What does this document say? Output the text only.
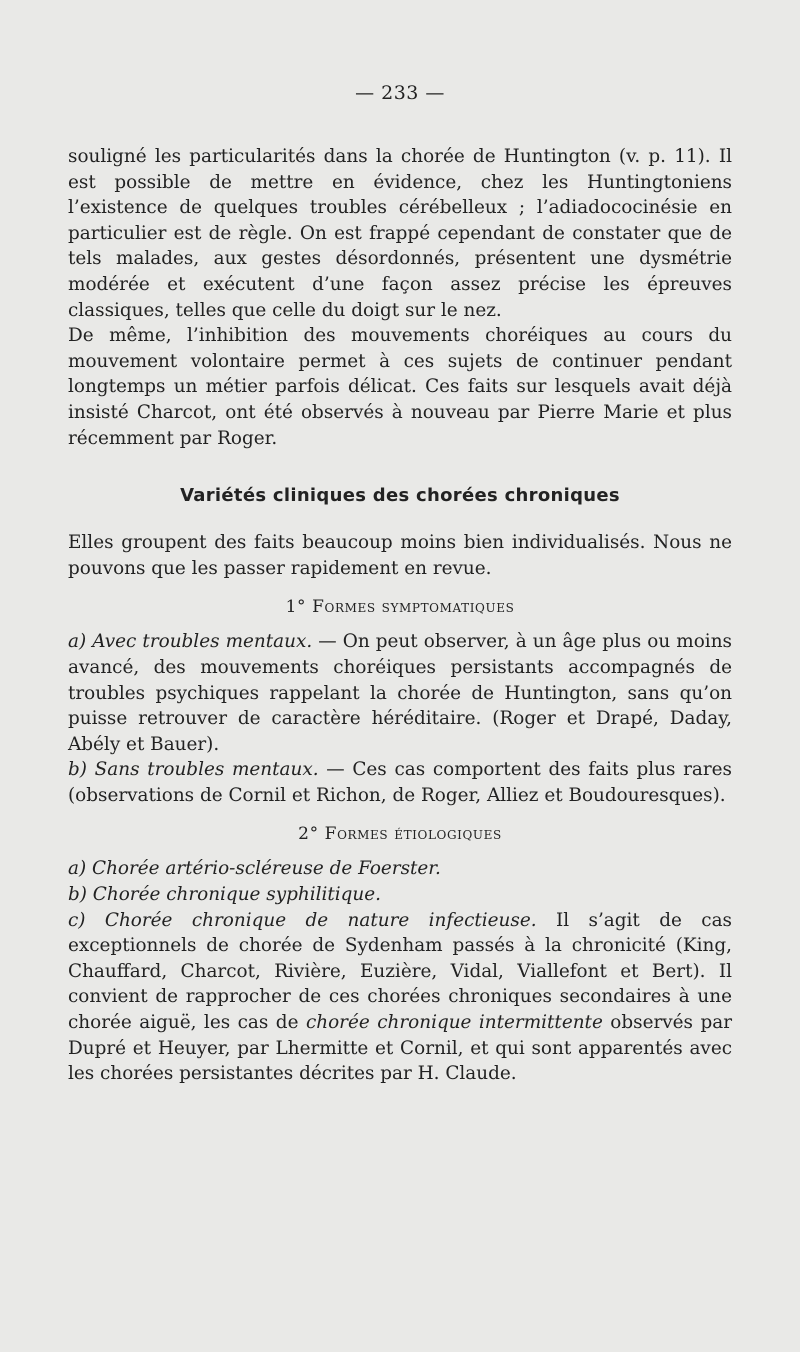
— 233 —

souligné les particularités dans la chorée de Huntington (v. p. 11). Il est possible de mettre en évidence, chez les Huntingtoniens l’existence de quelques troubles cérébelleux ; l’adiadococinésie en particulier est de règle. On est frappé cependant de constater que de tels malades, aux gestes désordonnés, présentent une dysmétrie modérée et exécutent d’une façon assez précise les épreuves classiques, telles que celle du doigt sur le nez.

De même, l’inhibition des mouvements choréiques au cours du mouvement volontaire permet à ces sujets de continuer pendant longtemps un métier parfois délicat. Ces faits sur lesquels avait déjà insisté Charcot, ont été observés à nouveau par Pierre Marie et plus récemment par Roger.

Variétés cliniques des chorées chroniques

Elles groupent des faits beaucoup moins bien individualisés. Nous ne pouvons que les passer rapidement en revue.

1° Formes symptomatiques

a) Avec troubles mentaux. — On peut observer, à un âge plus ou moins avancé, des mouvements choréiques persistants accompagnés de troubles psychiques rappelant la chorée de Huntington, sans qu’on puisse retrouver de caractère héréditaire. (Roger et Drapé, Daday, Abély et Bauer).

b) Sans troubles mentaux. — Ces cas comportent des faits plus rares (observations de Cornil et Richon, de Roger, Alliez et Boudouresques).

2° Formes étiologiques

a) Chorée artério-scléreuse de Foerster.

b) Chorée chronique syphilitique.

c) Chorée chronique de nature infectieuse. Il s’agit de cas exceptionnels de chorée de Sydenham passés à la chronicité (King, Chauffard, Charcot, Rivière, Euzière, Vidal, Viallefont et Bert). Il convient de rapprocher de ces chorées chroniques secondaires à une chorée aiguë, les cas de chorée chronique intermittente observés par Dupré et Heuyer, par Lhermitte et Cornil, et qui sont apparentés avec les chorées persistantes décrites par H. Claude.
